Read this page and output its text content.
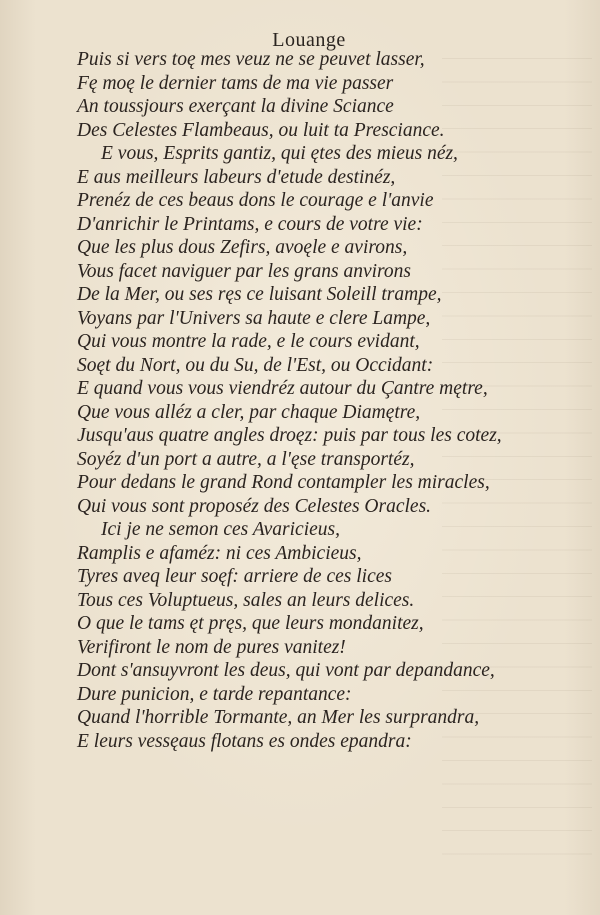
Louange
Puis si vers toę mes veuz ne se peuvet lasser,
Fę moę le dernier tams de ma vie passer
An toussjours exerçant la divine Sciance
Des Celestes Flambeaus, ou luit ta Presciance.
E vous, Esprits gantiz, qui ętes des mieus néz,
E aus meilleurs labeurs d'etude destinéz,
Prenéz de ces beaus dons le courage e l'anvie
D'anrichir le Printams, e cours de votre vie:
Que les plus dous Zefirs, avoęle e avirons,
Vous facet naviguer par les grans anvirons
De la Mer, ou ses ręs ce luisant Soleill trampe,
Voyans par l'Univers sa haute e clere Lampe,
Qui vous montre la rade, e le cours evidant,
Soęt du Nort, ou du Su, de l'Est, ou Occidant:
E quand vous vous viendréz autour du Çantre mętre,
Que vous alléz a cler, par chaque Diamętre,
Jusqu'aus quatre angles droęz: puis par tous les cotez,
Soyéz d'un port a autre, a l'ęse transportéz,
Pour dedans le grand Rond contampler les miracles,
Qui vous sont proposéz des Celestes Oracles.
Ici je ne semon ces Avaricieus,
Ramplis e afaméz: ni ces Ambicieus,
Tyres aveq leur soęf: arriere de ces lices
Tous ces Voluptueus, sales an leurs delices.
O que le tams ęt pręs, que leurs mondanitez,
Verifiront le nom de pures vanitez!
Dont s'ansuyvront les deus, qui vont par depandance,
Dure punicion, e tarde repantance:
Quand l'horrible Tormante, an Mer les surprandra,
E leurs vessęaus flotans es ondes epandra:
